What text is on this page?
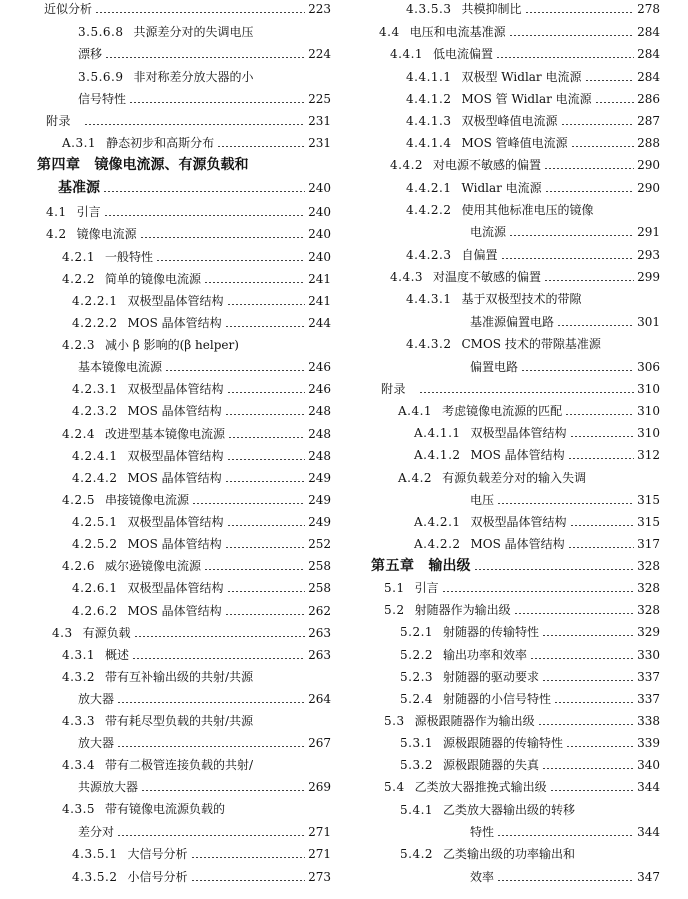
近似分析	223
3.5.6.8 共源差分对的失调电压
漂移	224
3.5.6.9 非对称差分放大器的小
信号特性	225
附录	231
A.3.1 静态初步和高斯分布	231
第四章 镜像电流源、有源负载和
基准源	240
4.1 引言	240
4.2 镜像电流源	240
4.2.1 一般特性	240
4.2.2 简单的镜像电流源	241
4.2.2.1 双极型晶体管结构	241
4.2.2.2 MOS 晶体管结构	244
4.2.3 减小 β 影响的(β helper)
基本镜像电流源	246
4.2.3.1 双极型晶体管结构	246
4.2.3.2 MOS 晶体管结构	248
4.2.4 改进型基本镜像电流源	248
4.2.4.1 双极型晶体管结构	248
4.2.4.2 MOS 晶体管结构	249
4.2.5 串接镜像电流源	249
4.2.5.1 双极型晶体管结构	249
4.2.5.2 MOS 晶体管结构	252
4.2.6 威尔逊镜像电流源	258
4.2.6.1 双极型晶体管结构	258
4.2.6.2 MOS 晶体管结构	262
4.3 有源负载	263
4.3.1 概述	263
4.3.2 带有互补输出级的共射/共源
放大器	264
4.3.3 带有耗尽型负载的共射/共源
放大器	267
4.3.4 带有二极管连接负载的共射/
共源放大器	269
4.3.5 带有镜像电流源负载的
差分对	271
4.3.5.1 大信号分析	271
4.3.5.2 小信号分析	273
4.3.5.3 共模抑制比	278
4.4 电压和电流基准源	284
4.4.1 低电流偏置	284
4.4.1.1 双极型 Widlar 电流源	284
4.4.1.2 MOS 管 Widlar 电流源	286
4.4.1.3 双极型峰值电流源	287
4.4.1.4 MOS 管峰值电流源	288
4.4.2 对电源不敏感的偏置	290
4.4.2.1 Widlar 电流源	290
4.4.2.2 使用其他标准电压的镜像
电流源	291
4.4.2.3 自偏置	293
4.4.3 对温度不敏感的偏置	299
4.4.3.1 基于双极型技术的带隙
基准源偏置电路	301
4.4.3.2 CMOS 技术的带隙基准源
偏置电路	306
附录	310
A.4.1 考虑镜像电流源的匹配	310
A.4.1.1 双极型晶体管结构	310
A.4.1.2 MOS 晶体管结构	312
A.4.2 有源负载差分对的输入失调
电压	315
A.4.2.1 双极型晶体管结构	315
A.4.2.2 MOS 晶体管结构	317
第五章 输出级	328
5.1 引言	328
5.2 射随器作为输出级	328
5.2.1 射随器的传输特性	329
5.2.2 输出功率和效率	330
5.2.3 射随器的驱动要求	337
5.2.4 射随器的小信号特性	337
5.3 源极跟随器作为输出级	338
5.3.1 源极跟随器的传输特性	339
5.3.2 源极跟随器的失真	340
5.4 乙类放大器推挽式输出级	344
5.4.1 乙类放大器输出级的转移
特性	344
5.4.2 乙类输出级的功率输出和
效率	347
